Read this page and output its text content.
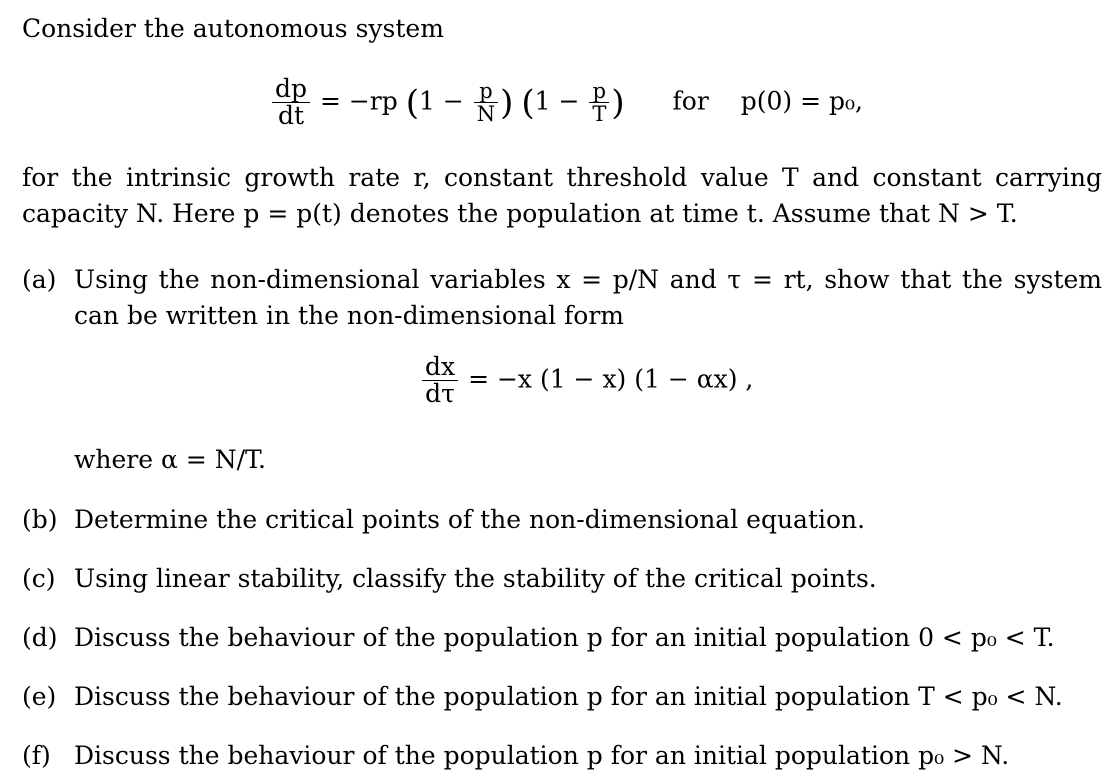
Consider the autonomous system
$\frac{dp}{dt} = -rp$ ($1 - \frac{p}{N}$ ) ($1 - \frac{p}{T}$ ) for p(0) = p₀,
for the intrinsic growth rate r, constant threshold value T and constant carrying
capacity N. Here p = p(t) denotes the population at time t. Assume that N > T.
(a) Using the non-dimensional variables x = p/N and τ = rt, show that the system
can be written in the non-dimensional form
$\frac{dx}{d\tau} = -x$ (1 − x) (1 − αx) ,
where α = N/T.
(b) Determine the critical points of the non-dimensional equation.
(c) Using linear stability, classify the stability of the critical points.
(d) Discuss the behaviour of the population p for an initial population 0 < p₀ < T.
(e) Discuss the behaviour of the population p for an initial population T < p₀ < N.
(f) Discuss the behaviour of the population p for an initial population p₀ > N.
